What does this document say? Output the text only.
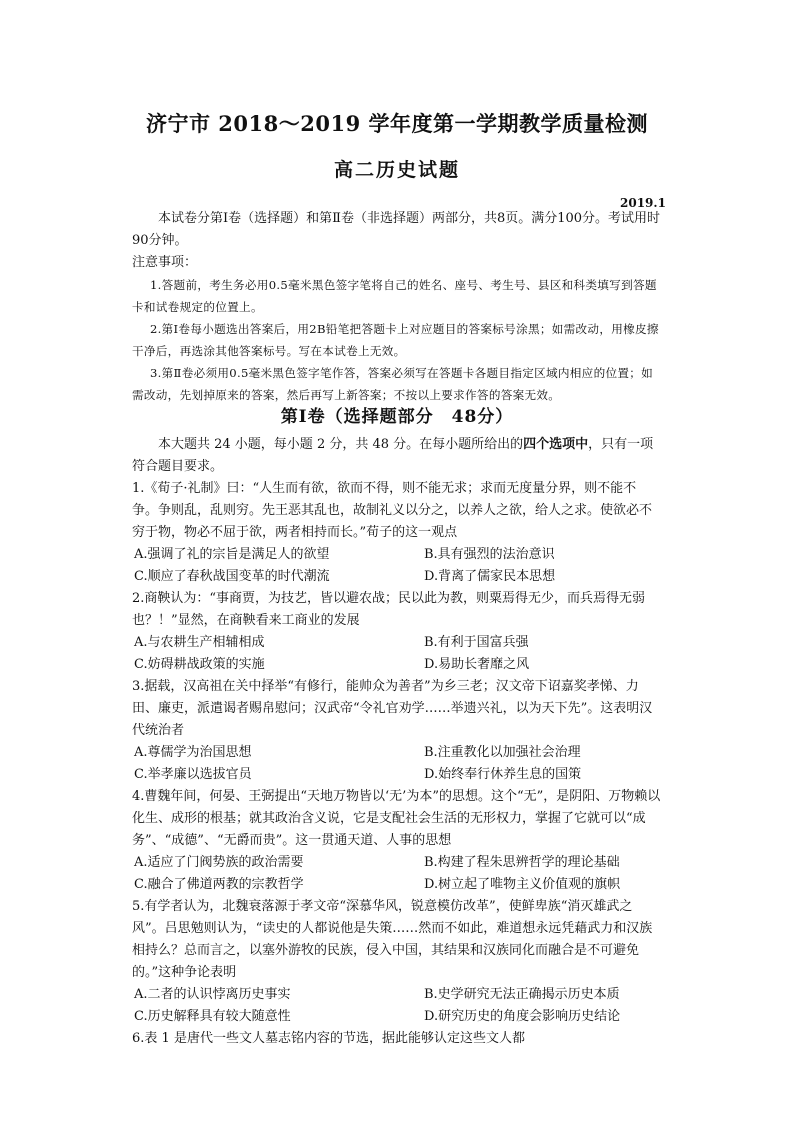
济宁市 2018～2019 学年度第一学期教学质量检测
高二历史试题
2019.1
本试卷分第Ⅰ卷（选择题）和第Ⅱ卷（非选择题）两部分，共8页。满分100分。考试用时90分钟。
注意事项：
1.答题前，考生务必用0.5毫米黑色签字笔将自己的姓名、座号、考生号、县区和科类填写到答题卡和试卷规定的位置上。
2.第Ⅰ卷每小题选出答案后，用2B铅笔把答题卡上对应题目的答案标号涂黑；如需改动，用橡皮擦干净后，再选涂其他答案标号。写在本试卷上无效。
3.第Ⅱ卷必须用0.5毫米黑色签字笔作答，答案必须写在答题卡各题目指定区域内相应的位置；如需改动，先划掉原来的答案，然后再写上新答案；不按以上要求作答的答案无效。
第Ⅰ卷（选择题部分　48分）
本大题共 24 小题，每小题 2 分，共 48 分。在每小题所给出的四个选项中，只有一项符合题目要求。
1.《荀子·礼制》曰：“人生而有欲，欲而不得，则不能无求；求而无度量分界，则不能不争。争则乱，乱则穷。先王恶其乱也，故制礼义以分之，以养人之欲，给人之求。使欲必不穷于物，物必不屈于欲，两者相持而长。”荀子的这一观点
A.强调了礼的宗旨是满足人的欲望	B.具有强烈的法治意识
C.顺应了春秋战国变革的时代潮流	D.背离了儒家民本思想
2.商鞅认为：“事商贾，为技艺，皆以避农战；民以此为教，则粟焉得无少，而兵焉得无弱也？！”显然，在商鞅看来工商业的发展
A.与农耕生产相辅相成	B.有利于国富兵强
C.妨碍耕战政策的实施	D.易助长奢靡之风
3.据载，汉高祖在关中择举“有修行，能帅众为善者”为乡三老；汉文帝下诏嘉奖孝悌、力田、廉吏，派遣谒者赐帛慰问；汉武帝“令礼官劝学……举遗兴礼，以为天下先”。这表明汉代统治者
A.尊儒学为治国思想	B.注重教化以加强社会治理
C.举孝廉以选拔官员	D.始终奉行休养生息的国策
4.曹魏年间，何晏、王弼提出“天地万物皆以‘无’为本”的思想。这个“无”，是阴阳、万物赖以化生、成形的根基；就其政治含义说，它是支配社会生活的无形权力，掌握了它就可以“成务”、“成德”、“无爵而贵”。这一贯通天道、人事的思想
A.适应了门阀势族的政治需要	B.构建了程朱思辨哲学的理论基础
C.融合了佛道两教的宗教哲学	D.树立起了唯物主义价值观的旗帜
5.有学者认为，北魏衰落源于孝文帝“深慕华风，锐意模仿改革”，使鲜卑族“消灭雄武之风”。吕思勉则认为，“读史的人都说他是失策……然而不如此，难道想永远凭藉武力和汉族相持么？总而言之，以塞外游牧的民族，侵入中国，其结果和汉族同化而融合是不可避免的。”这种争论表明
A.二者的认识悖离历史事实	B.史学研究无法正确揭示历史本质
C.历史解释具有较大随意性	D.研究历史的角度会影响历史结论
6.表 1 是唐代一些文人墓志铭内容的节选，据此能够认定这些文人都
